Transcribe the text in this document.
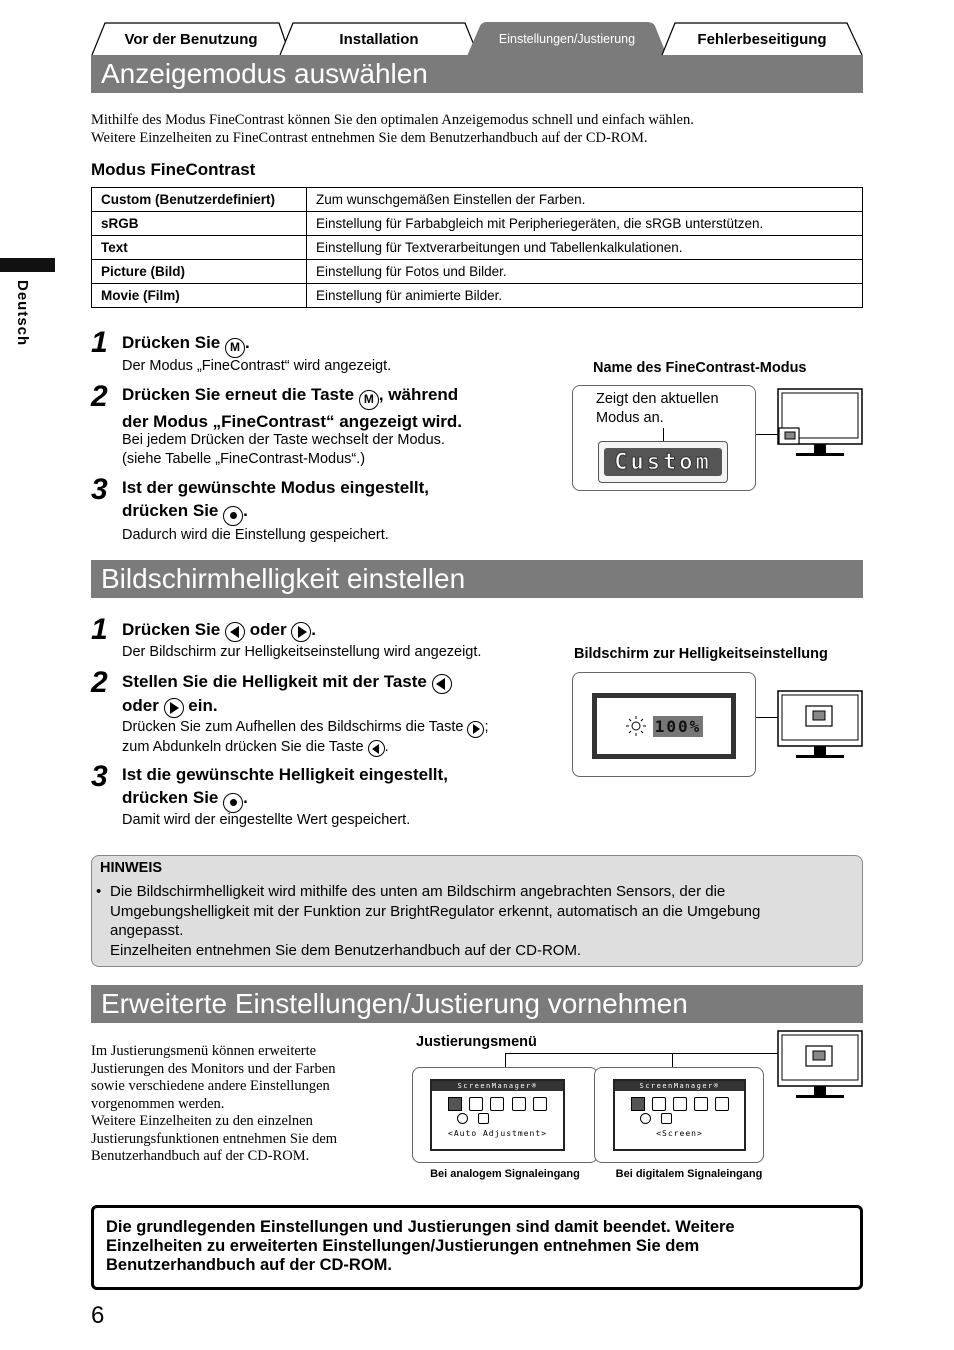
Vor der Benutzung	Installation	Einstellungen/Justierung	Fehlerbeseitigung
Anzeigemodus auswählen
Mithilfe des Modus FineContrast können Sie den optimalen Anzeigemodus schnell und einfach wählen.
Weitere Einzelheiten zu FineContrast entnehmen Sie dem Benutzerhandbuch auf der CD-ROM.
Modus FineContrast
Custom (Benutzerdefiniert)	Zum wunschgemäßen Einstellen der Farben.
sRGB	Einstellung für Farbabgleich mit Peripheriegeräten, die sRGB unterstützen.
Text	Einstellung für Textverarbeitungen und Tabellenkalkulationen.
Picture (Bild)	Einstellung für Fotos und Bilder.
Movie (Film)	Einstellung für animierte Bilder.
Deutsch 1 Drücken Sie M .
Der Modus „FineContrast“ wird angezeigt.
2 Drücken Sie erneut die Taste M , während
der Modus „FineContrast“ angezeigt wird.
Bei jedem Drücken der Taste wechselt der Modus.
(siehe Tabelle „FineContrast-Modus“.)
3 Ist der gewünschte Modus eingestellt,
drücken Sie
.
Dadurch wird die Einstellung gespeichert.
Name des FineContrast-Modus
Zeigt den aktuellen
Modus an.
Custom
Bildschirmhelligkeit einstellen
1 Drücken Sie
oder
.
Der Bildschirm zur Helligkeitseinstellung wird angezeigt.
2 Stellen Sie die Helligkeit mit der Taste
oder
ein.
Drücken Sie zum Aufhellen des Bildschirms die Taste
;
zum Abdunkeln drücken Sie die Taste
.
3 Ist die gewünschte Helligkeit eingestellt,
drücken Sie
.
Damit wird der eingestellte Wert gespeichert.
Bildschirm zur Helligkeitseinstellung
100%
HINWEIS
• Die Bildschirmhelligkeit wird mithilfe des unten am Bildschirm angebrachten Sensors, der die
Umgebungshelligkeit mit der Funktion zur BrightRegulator erkennt, automatisch an die Umgebung
angepasst.
Einzelheiten entnehmen Sie dem Benutzerhandbuch auf der CD-ROM.
Erweiterte Einstellungen/Justierung vornehmen
Im Justierungsmenü können erweiterte
Justierungen des Monitors und der Farben
sowie verschiedene andere Einstellungen
vorgenommen werden.
Weitere Einzelheiten zu den einzelnen
Justierungsfunktionen entnehmen Sie dem
Benutzerhandbuch auf der CD-ROM.
Justierungsmenü
ScreenManager®
<Auto Adjustment>
Bei analogem Signaleingang
ScreenManager®
<Screen>
Bei digitalem Signaleingang
Die grundlegenden Einstellungen und Justierungen sind damit beendet. Weitere
Einzelheiten zu erweiterten Einstellungen/Justierungen entnehmen Sie dem
Benutzerhandbuch auf der CD-ROM.
6
